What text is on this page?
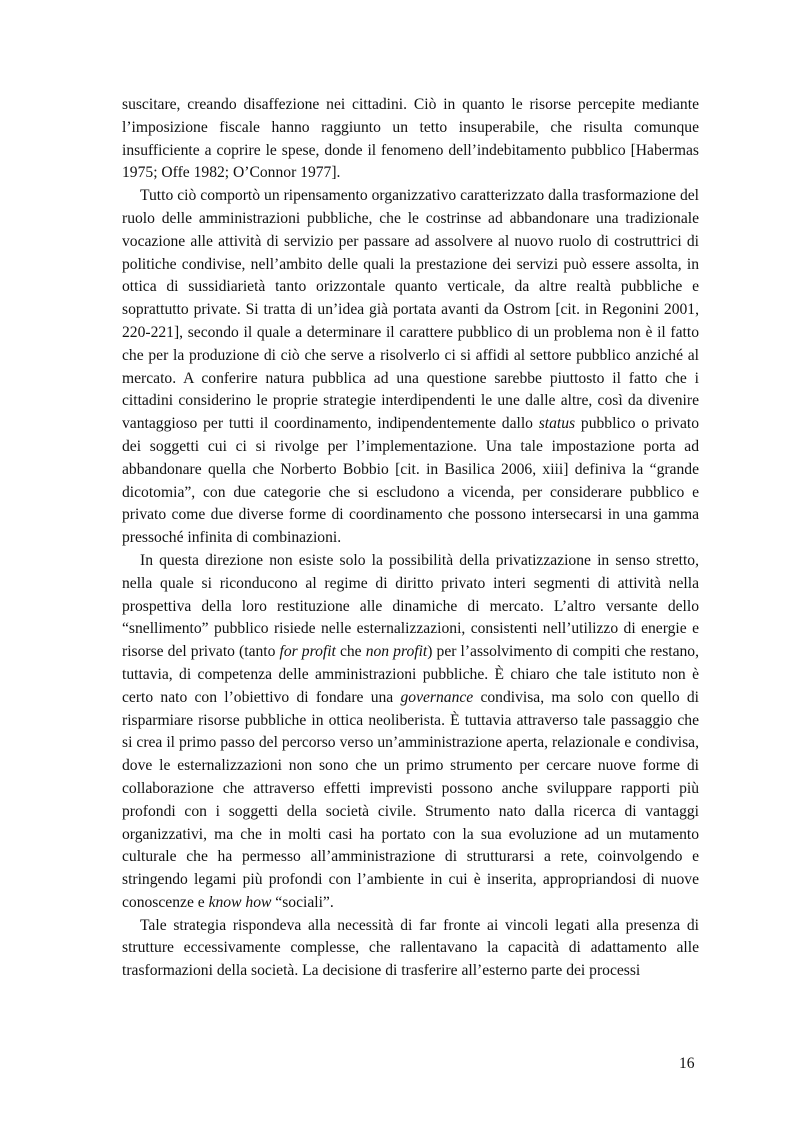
suscitare, creando disaffezione nei cittadini. Ciò in quanto le risorse percepite mediante l’imposizione fiscale hanno raggiunto un tetto insuperabile, che risulta comunque insufficiente a coprire le spese, donde il fenomeno dell’indebitamento pubblico [Habermas 1975; Offe 1982; O’Connor 1977].

Tutto ciò comportò un ripensamento organizzativo caratterizzato dalla trasformazione del ruolo delle amministrazioni pubbliche, che le costrinse ad abbandonare una tradizionale vocazione alle attività di servizio per passare ad assolvere al nuovo ruolo di costruttrici di politiche condivise, nell’ambito delle quali la prestazione dei servizi può essere assolta, in ottica di sussidiarietà tanto orizzontale quanto verticale, da altre realtà pubbliche e soprattutto private. Si tratta di un’idea già portata avanti da Ostrom [cit. in Regonini 2001, 220-221], secondo il quale a determinare il carattere pubblico di un problema non è il fatto che per la produzione di ciò che serve a risolverlo ci si affidi al settore pubblico anziché al mercato. A conferire natura pubblica ad una questione sarebbe piuttosto il fatto che i cittadini considerino le proprie strategie interdipendenti le une dalle altre, così da divenire vantaggioso per tutti il coordinamento, indipendentemente dallo status pubblico o privato dei soggetti cui ci si rivolge per l’implementazione. Una tale impostazione porta ad abbandonare quella che Norberto Bobbio [cit. in Basilica 2006, xiii] definiva la “grande dicotomia”, con due categorie che si escludono a vicenda, per considerare pubblico e privato come due diverse forme di coordinamento che possono intersecarsi in una gamma pressoché infinita di combinazioni.

In questa direzione non esiste solo la possibilità della privatizzazione in senso stretto, nella quale si riconducono al regime di diritto privato interi segmenti di attività nella prospettiva della loro restituzione alle dinamiche di mercato. L’altro versante dello “snellimento” pubblico risiede nelle esternalizzazioni, consistenti nell’utilizzo di energie e risorse del privato (tanto for profit che non profit) per l’assolvimento di compiti che restano, tuttavia, di competenza delle amministrazioni pubbliche. È chiaro che tale istituto non è certo nato con l’obiettivo di fondare una governance condivisa, ma solo con quello di risparmiare risorse pubbliche in ottica neoliberista. È tuttavia attraverso tale passaggio che si crea il primo passo del percorso verso un’amministrazione aperta, relazionale e condivisa, dove le esternalizzazioni non sono che un primo strumento per cercare nuove forme di collaborazione che attraverso effetti imprevisti possono anche sviluppare rapporti più profondi con i soggetti della società civile. Strumento nato dalla ricerca di vantaggi organizzativi, ma che in molti casi ha portato con la sua evoluzione ad un mutamento culturale che ha permesso all’amministrazione di strutturarsi a rete, coinvolgendo e stringendo legami più profondi con l’ambiente in cui è inserita, appropriandosi di nuove conoscenze e know how “sociali”.

Tale strategia rispondeva alla necessità di far fronte ai vincoli legati alla presenza di strutture eccessivamente complesse, che rallentavano la capacità di adattamento alle trasformazioni della società. La decisione di trasferire all’esterno parte dei processi

16
